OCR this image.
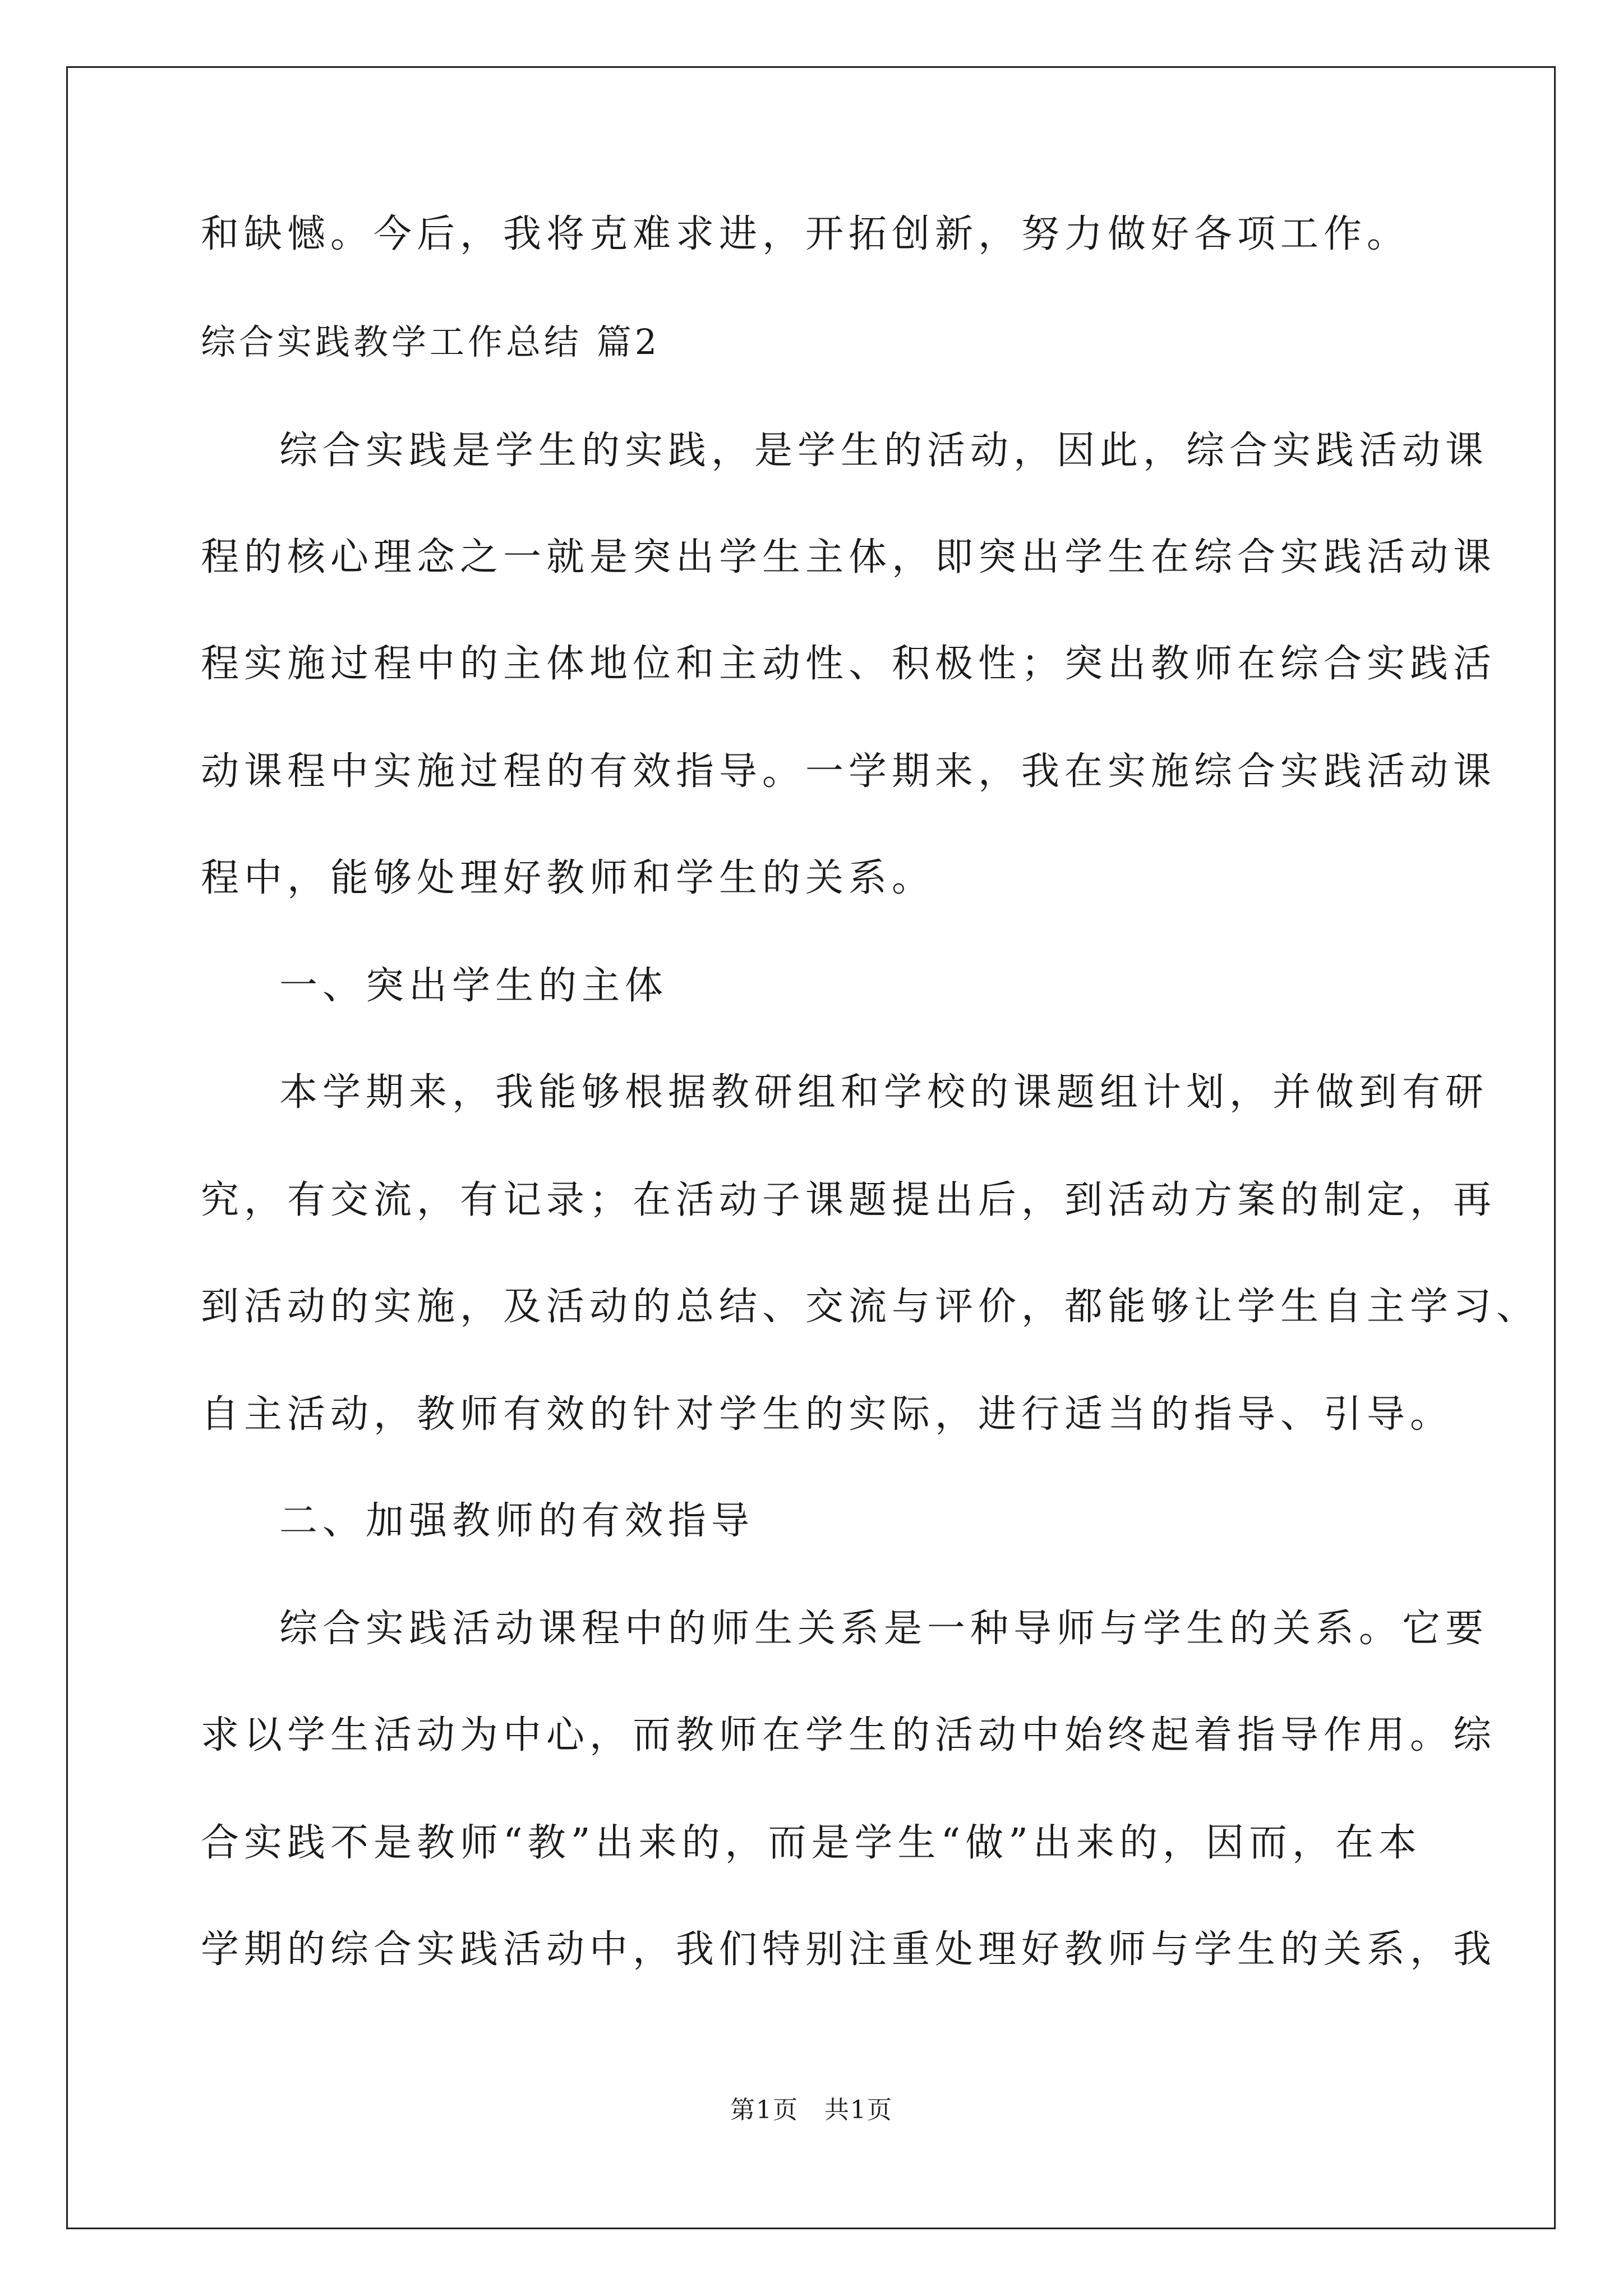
和缺憾。今后，我将克难求进，开拓创新，努力做好各项工作。
综合实践教学工作总结 篇2
综合实践是学生的实践，是学生的活动，因此，综合实践活动课
程的核心理念之一就是突出学生主体，即突出学生在综合实践活动课
程实施过程中的主体地位和主动性、积极性；突出教师在综合实践活
动课程中实施过程的有效指导。一学期来，我在实施综合实践活动课
程中，能够处理好教师和学生的关系。
一、突出学生的主体
本学期来，我能够根据教研组和学校的课题组计划，并做到有研
究，有交流，有记录；在活动子课题提出后，到活动方案的制定，再
到活动的实施，及活动的总结、交流与评价，都能够让学生自主学习、
自主活动，教师有效的针对学生的实际，进行适当的指导、引导。
二、加强教师的有效指导
综合实践活动课程中的师生关系是一种导师与学生的关系。它要
求以学生活动为中心，而教师在学生的活动中始终起着指导作用。综
合实践不是教师“教”出来的，而是学生“做”出来的，因而，在本
学期的综合实践活动中，我们特别注重处理好教师与学生的关系，我
第1页　共1页
